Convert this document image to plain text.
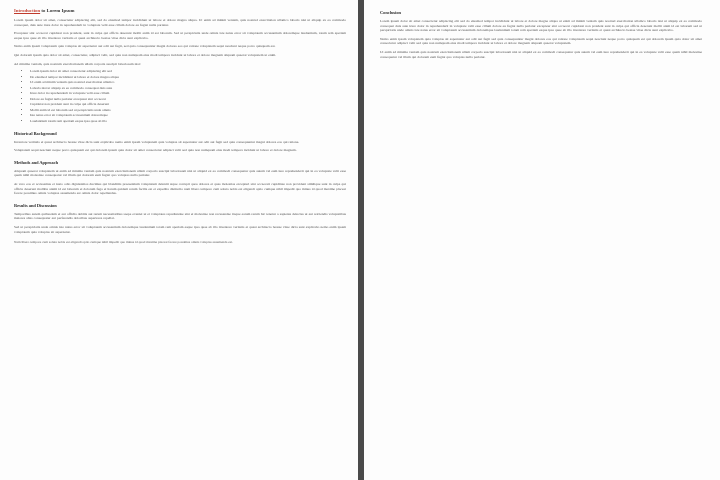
Introduction to Lorem Ipsum

Lorem ipsum dolor sit amet, consectetur adipiscing elit, sed do eiusmod tempor incididunt ut labore et dolore magna aliqua. Ut enim ad minim veniam, quis nostrud exercitation ullamco laboris nisi ut aliquip ex ea commodo consequat, duis aute irure dolor in reprehenderit in voluptate velit esse cillum dolore eu fugiat nulla pariatur.

Excepteur sint occaecat cupidatat non proident, sunt in culpa qui officia deserunt mollit anim id est laborum. Sed ut perspiciatis unde omnis iste natus error sit voluptatem accusantium doloremque laudantium, totam rem aperiam eaque ipsa quae ab illo inventore veritatis et quasi architecto beatae vitae dicta sunt explicabo.

Nemo enim ipsam voluptatem quia voluptas sit aspernatur aut odit aut fugit, sed quia consequuntur magni dolores eos qui ratione voluptatem sequi nesciunt neque porro quisquam est.

Qui dolorem ipsum quia dolor sit amet, consectetur, adipisci velit, sed quia non numquam eius modi tempora incidunt ut labore et dolore magnam aliquam quaerat voluptatem ut enim.

Ad minima veniam, quis nostrum exercitationem ullam corporis suscipit laboriosam nisi:

• Lorem ipsum dolor sit amet consectetur adipiscing elit sed
• Do eiusmod tempor incididunt ut labore et dolore magna aliqua
• Ut enim ad minim veniam quis nostrud exercitation ullamco
• Laboris nisi ut aliquip ex ea commodo consequat duis aute
• Irure dolor in reprehenderit in voluptate velit esse cillum
• Dolore eu fugiat nulla pariatur excepteur sint occaecat
• Cupidatat non proident sunt in culpa qui officia deserunt
• Mollit anim id est laborum sed ut perspiciatis unde omnis
• Iste natus error sit voluptatem accusantium doloremque
• Laudantium totam rem aperiam eaque ipsa quae ab illo
Historical Background

Inventore veritatis et quasi architecto beatae vitae dicta sunt explicabo nemo enim ipsam voluptatem quia voluptas sit aspernatur aut odit aut fugit sed quia consequuntur magni dolores eos qui ratione.

Voluptatem sequi nesciunt neque porro quisquam est qui dolorem ipsum quia dolor sit amet consectetur adipisci velit sed quia non numquam eius modi tempora incidunt ut labore et dolore magnam.

Methods and Approach

Aliquam quaerat voluptatem ut enim ad minima veniam quis nostrum exercitationem ullam corporis suscipit laboriosam nisi ut aliquid ex ea commodi consequatur quis autem vel eum iure reprehenderit qui in ea voluptate velit esse quam nihil molestiae consequatur vel illum qui dolorem eum fugiat quo voluptas nulla pariatur.

At vero eos et accusamus et iusto odio dignissimos ducimus qui blanditiis praesentium voluptatum deleniti atque corrupti quos dolores et quas molestias excepturi sint occaecati cupiditate non provident similique sunt in culpa qui officia deserunt mollitia animi id est laborum et dolorum fuga et harum quidem rerum facilis est et expedita distinctio nam libero tempore cum soluta nobis est eligendi optio cumque nihil impedit quo minus id quod maxime placeat facere possimus omnis voluptas assumenda est omnis dolor repellendus.

Results and Discussion

Temporibus autem quibusdam et aut officiis debitis aut rerum necessitatibus saepe eveniet ut et voluptates repudiandae sint et molestiae non recusandae itaque earum rerum hic tenetur a sapiente delectus ut aut reiciendis voluptatibus maiores alias consequatur aut perferendis doloribus asperiores repellat.

Sed ut perspiciatis unde omnis iste natus error sit voluptatem accusantium doloremque laudantium totam rem aperiam eaque ipsa quae ab illo inventore veritatis et quasi architecto beatae vitae dicta sunt explicabo nemo enim ipsam voluptatem quia voluptas sit aspernatur.

Nam libero tempore cum soluta nobis est eligendi optio cumque nihil impedit quo minus id quod maxime placeat facere possimus omnis voluptas assumenda est.

Conclusion

Lorem ipsum dolor sit amet consectetur adipiscing elit sed do eiusmod tempor incididunt ut labore et dolore magna aliqua ut enim ad minim veniam quis nostrud exercitation ullamco laboris nisi ut aliquip ex ea commodo consequat duis aute irure dolor in reprehenderit in voluptate velit esse cillum dolore eu fugiat nulla pariatur excepteur sint occaecat cupidatat non proident sunt in culpa qui officia deserunt mollit anim id est laborum sed ut perspiciatis unde omnis iste natus error sit voluptatem accusantium doloremque laudantium totam rem aperiam eaque ipsa quae ab illo inventore veritatis et quasi architecto beatae vitae dicta sunt explicabo.

Nemo enim ipsam voluptatem quia voluptas sit aspernatur aut odit aut fugit sed quia consequuntur magni dolores eos qui ratione voluptatem sequi nesciunt neque porro quisquam est qui dolorem ipsum quia dolor sit amet consectetur adipisci velit sed quia non numquam eius modi tempora incidunt ut labore et dolore magnam aliquam quaerat voluptatem.

Ut enim ad minima veniam quis nostrum exercitationem ullam corporis suscipit laboriosam nisi ut aliquid ex ea commodi consequatur quis autem vel eum iure reprehenderit qui in ea voluptate velit esse quam nihil molestiae consequatur vel illum qui dolorem eum fugiat quo voluptas nulla pariatur.
